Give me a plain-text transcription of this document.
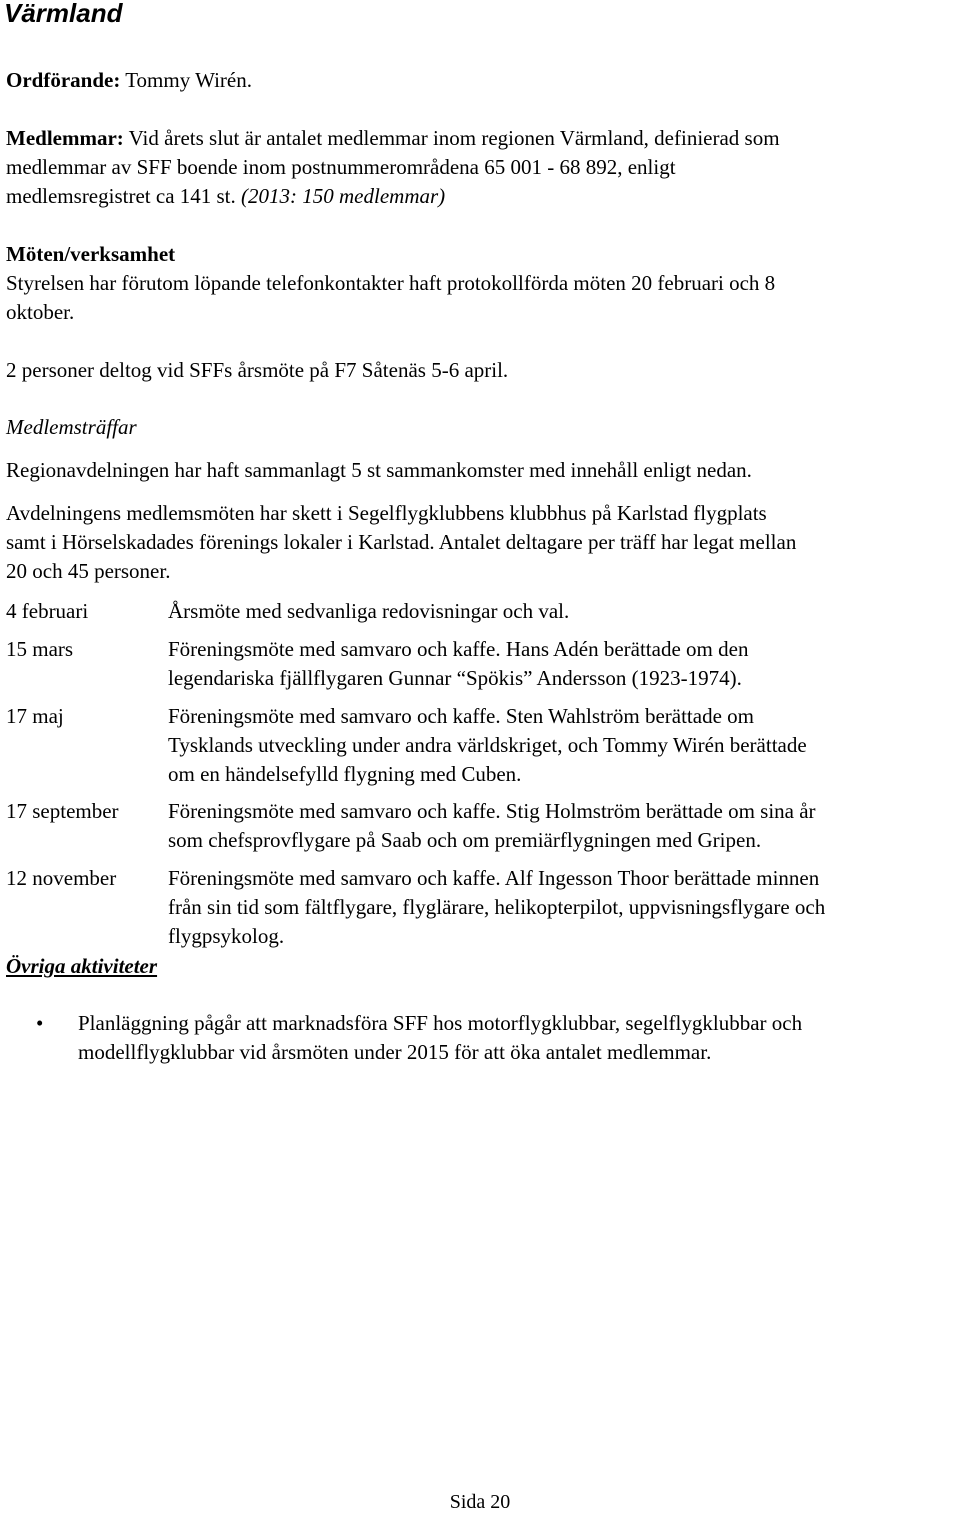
Värmland

Ordförande: Tommy Wirén.

Medlemmar: Vid årets slut är antalet medlemmar inom regionen Värmland, definierad som
medlemmar av SFF boende inom postnummerområdena 65 001 - 68 892, enligt
medlemsregistret ca 141 st. (2013: 150 medlemmar)

Möten/verksamhet

Styrelsen har förutom löpande telefonkontakter haft protokollförda möten 20 februari och 8
oktober.

2 personer deltog vid SFFs årsmöte på F7 Såtenäs 5-6 april.

Medlemsträffar

Regionavdelningen har haft sammanlagt 5 st sammankomster med innehåll enligt nedan.

Avdelningens medlemsmöten har skett i Segelflygklubbens klubbhus på Karlstad flygplats
samt i Hörselskadades förenings lokaler i Karlstad. Antalet deltagare per träff har legat mellan
20 och 45 personer.

4 februari	Årsmöte med sedvanliga redovisningar och val.
15 mars	Föreningsmöte med samvaro och kaffe. Hans Adén berättade om den
legendariska fjällflygaren Gunnar “Spökis” Andersson (1923-1974).
17 maj	Föreningsmöte med samvaro och kaffe. Sten Wahlström berättade om
Tysklands utveckling under andra världskriget, och Tommy Wirén berättade
om en händelsefylld flygning med Cuben.
17 september	Föreningsmöte med samvaro och kaffe. Stig Holmström berättade om sina år
som chefsprovflygare på Saab och om premiärflygningen med Gripen.
12 november	Föreningsmöte med samvaro och kaffe. Alf Ingesson Thoor berättade minnen
från sin tid som fältflygare, flyglärare, helikopterpilot, uppvisningsflygare och
flygpsykolog.

Övriga aktiviteter

•	Planläggning pågår att marknadsföra SFF hos motorflygklubbar, segelflygklubbar och
modellflygklubbar vid årsmöten under 2015 för att öka antalet medlemmar.
Sida 20
